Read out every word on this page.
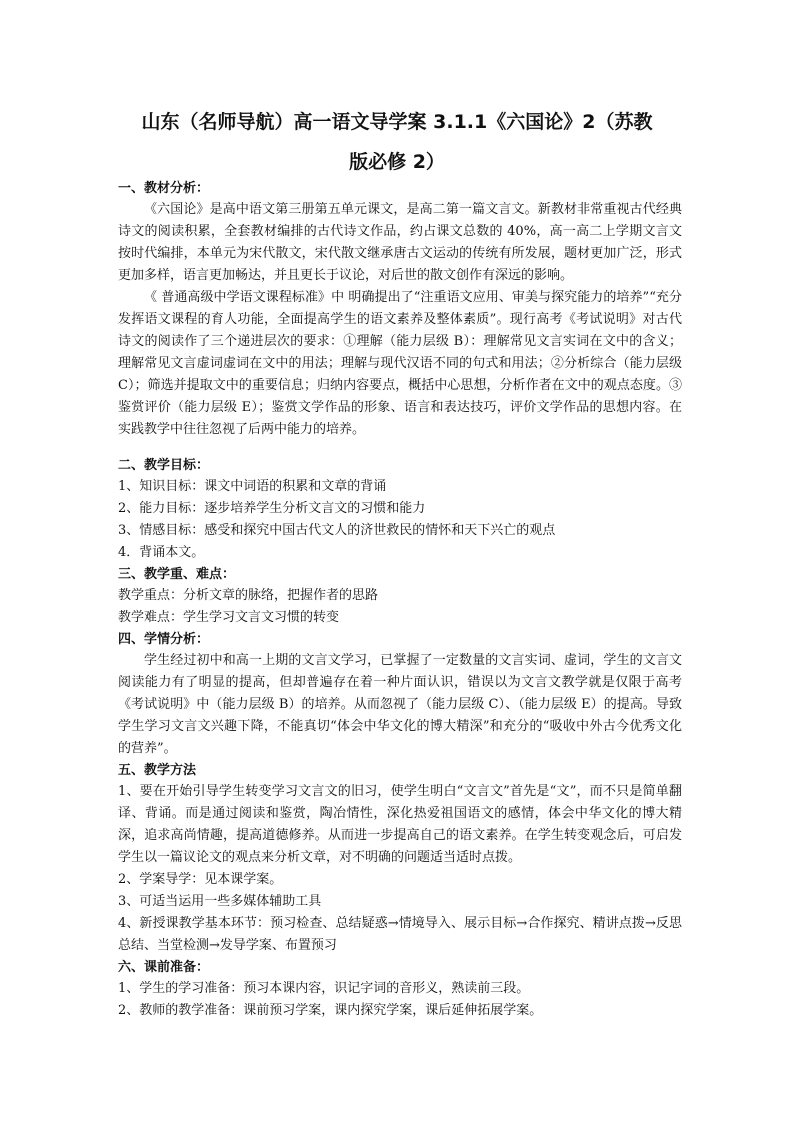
山东（名师导航）高一语文导学案 3.1.1《六国论》2（苏教
版必修 2）
一、教材分析：

《六国论》是高中语文第三册第五单元课文，是高二第一篇文言文。新教材非常重视古代经典诗文的阅读积累，全套教材编排的古代诗文作品，约占课文总数的 40%，高一高二上学期文言文按时代编排，本单元为宋代散文，宋代散文继承唐古文运动的传统有所发展，题材更加广泛，形式更加多样，语言更加畅达，并且更长于议论，对后世的散文创作有深远的影响。

《 普通高级中学语文课程标准》中 明确提出了“注重语文应用、审美与探究能力的培养”“充分发挥语文课程的育人功能，全面提高学生的语文素养及整体素质”。现行高考《考试说明》对古代诗文的阅读作了三个递进层次的要求：①理解（能力层级 B）：理解常见文言实词在文中的含义；理解常见文言虚词虚词在文中的用法；理解与现代汉语不同的句式和用法；②分析综合（能力层级 C）；筛选并提取文中的重要信息；归纳内容要点，概括中心思想，分析作者在文中的观点态度。③鉴赏评价（能力层级 E）；鉴赏文学作品的形象、语言和表达技巧，评价文学作品的思想内容。在实践教学中往往忽视了后两中能力的培养。

二、教学目标：

1、知识目标：课文中词语的积累和文章的背诵

2、能力目标：逐步培养学生分析文言文的习惯和能力

3、情感目标：感受和探究中国古代文人的济世救民的情怀和天下兴亡的观点

4．背诵本文。

三、教学重、难点：

教学重点：分析文章的脉络，把握作者的思路

教学难点：学生学习文言文习惯的转变

四、学情分析：

学生经过初中和高一上期的文言文学习，已掌握了一定数量的文言实词、虚词，学生的文言文阅读能力有了明显的提高，但却普遍存在着一种片面认识，错误以为文言文教学就是仅限于高考《考试说明》中（能力层级 B）的培养。从而忽视了（能力层级 C）、（能力层级 E）的提高。导致学生学习文言文兴趣下降，不能真切“体会中华文化的博大精深”和充分的“吸收中外古今优秀文化的营养”。

五、教学方法

1、要在开始引导学生转变学习文言文的旧习，使学生明白“文言文”首先是“文”，而不只是简单翻译、背诵。而是通过阅读和鉴赏，陶冶情性，深化热爱祖国语文的感情，体会中华文化的博大精深，追求高尚情趣，提高道德修养。从而进一步提高自己的语文素养。在学生转变观念后，可启发学生以一篇议论文的观点来分析文章，对不明确的问题适当适时点拨。

2、学案导学：见本课学案。

3、可适当运用一些多媒体辅助工具

4、新授课教学基本环节：预习检查、总结疑惑→情境导入、展示目标→合作探究、精讲点拨→反思总结、当堂检测→发导学案、布置预习

六、课前准备：

1、学生的学习准备：预习本课内容，识记字词的音形义，熟读前三段。

2、教师的教学准备：课前预习学案，课内探究学案，课后延伸拓展学案。
